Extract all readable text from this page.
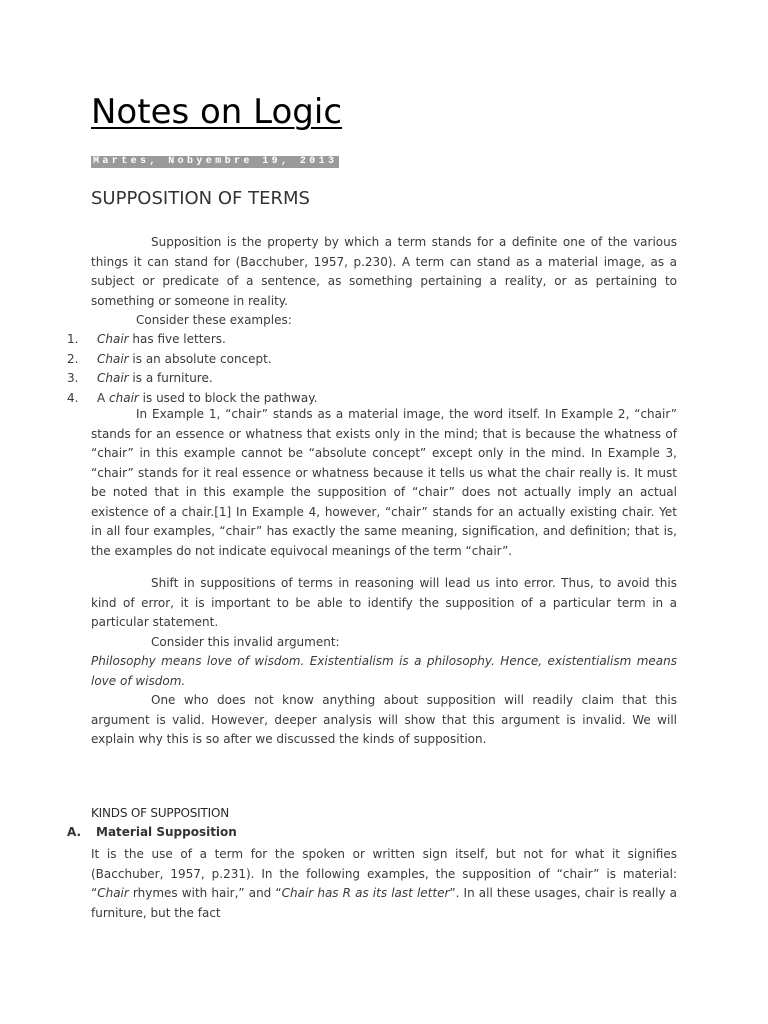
Notes on Logic
Martes, Nobyembre 19, 2013
SUPPOSITION OF TERMS

Supposition is the property by which a term stands for a definite one of the various things it can stand for (Bacchuber, 1957, p.230). A term can stand as a material image, as a subject or predicate of a sentence, as something pertaining a reality, or as pertaining to something or someone in reality.

Consider these examples:

1. Chair has five letters.
2. Chair is an absolute concept.
3. Chair is a furniture.
4. A chair is used to block the pathway.

In Example 1, “chair” stands as a material image, the word itself. In Example 2, “chair” stands for an essence or whatness that exists only in the mind; that is because the whatness of “chair” in this example cannot be “absolute concept” except only in the mind. In Example 3, “chair” stands for it real essence or whatness because it tells us what the chair really is. It must be noted that in this example the supposition of “chair” does not actually imply an actual existence of a chair.[1] In Example 4, however, “chair” stands for an actually existing chair. Yet in all four examples, “chair” has exactly the same meaning, signification, and definition; that is, the examples do not indicate equivocal meanings of the term “chair”.

Shift in suppositions of terms in reasoning will lead us into error. Thus, to avoid this kind of error, it is important to be able to identify the supposition of a particular term in a particular statement.

Consider this invalid argument:

Philosophy means love of wisdom. Existentialism is a philosophy. Hence, existentialism means love of wisdom.

One who does not know anything about supposition will readily claim that this argument is valid. However, deeper analysis will show that this argument is invalid. We will explain why this is so after we discussed the kinds of supposition.

KINDS OF SUPPOSITION
A. Material Supposition

It is the use of a term for the spoken or written sign itself, but not for what it signifies (Bacchuber, 1957, p.231). In the following examples, the supposition of “chair” is material: “Chair rhymes with hair,” and “Chair has R as its last letter”. In all these usages, chair is really a furniture, but the fact
